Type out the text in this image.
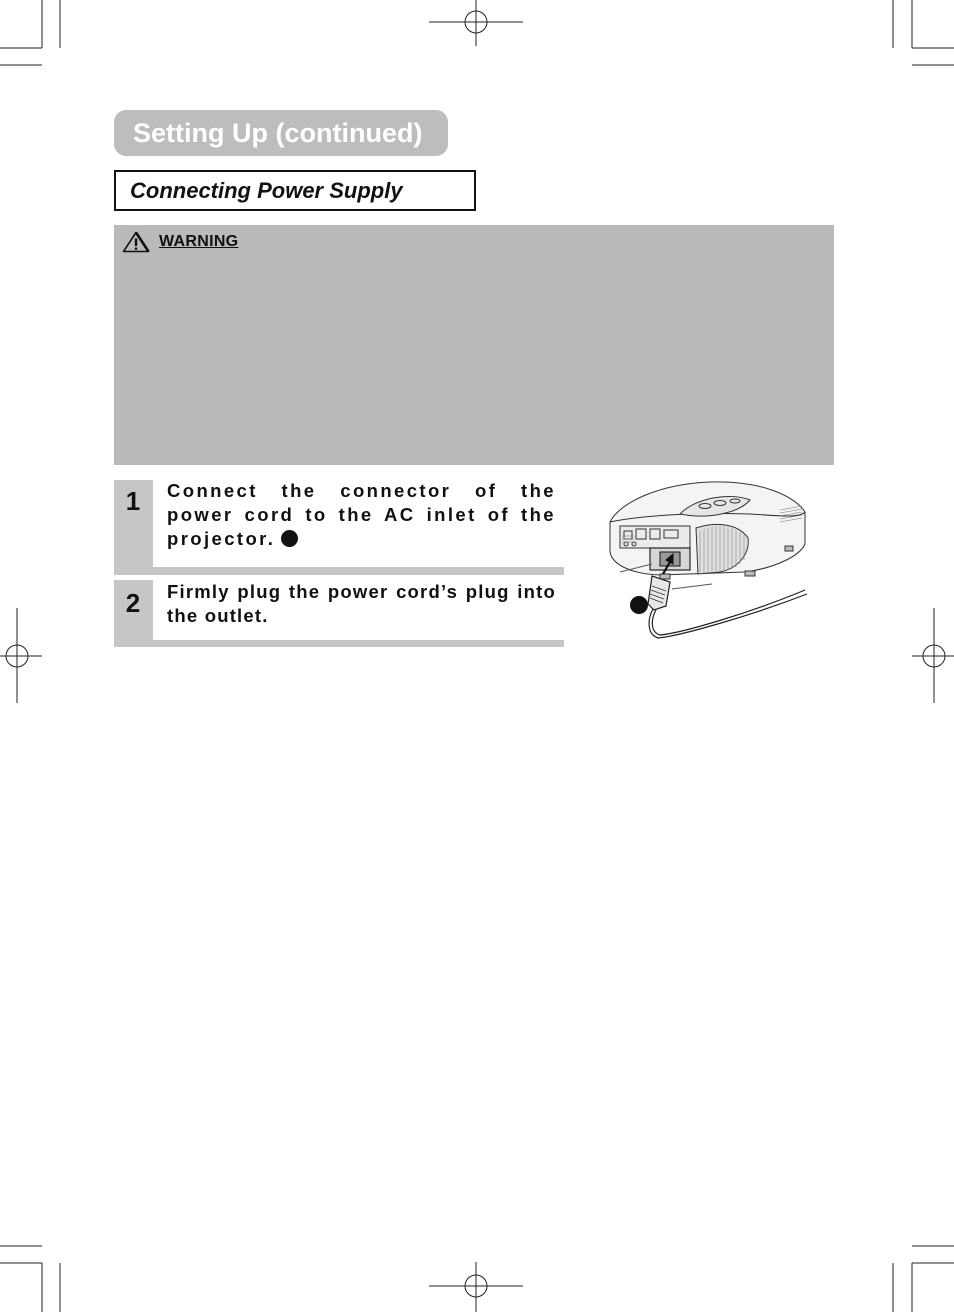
Setting Up (continued)
Connecting Power Supply
WARNING
1	Connect the connector of the power cord to the AC inlet of the projector.
2	Firmly plug the power cord’s plug into the outlet.
